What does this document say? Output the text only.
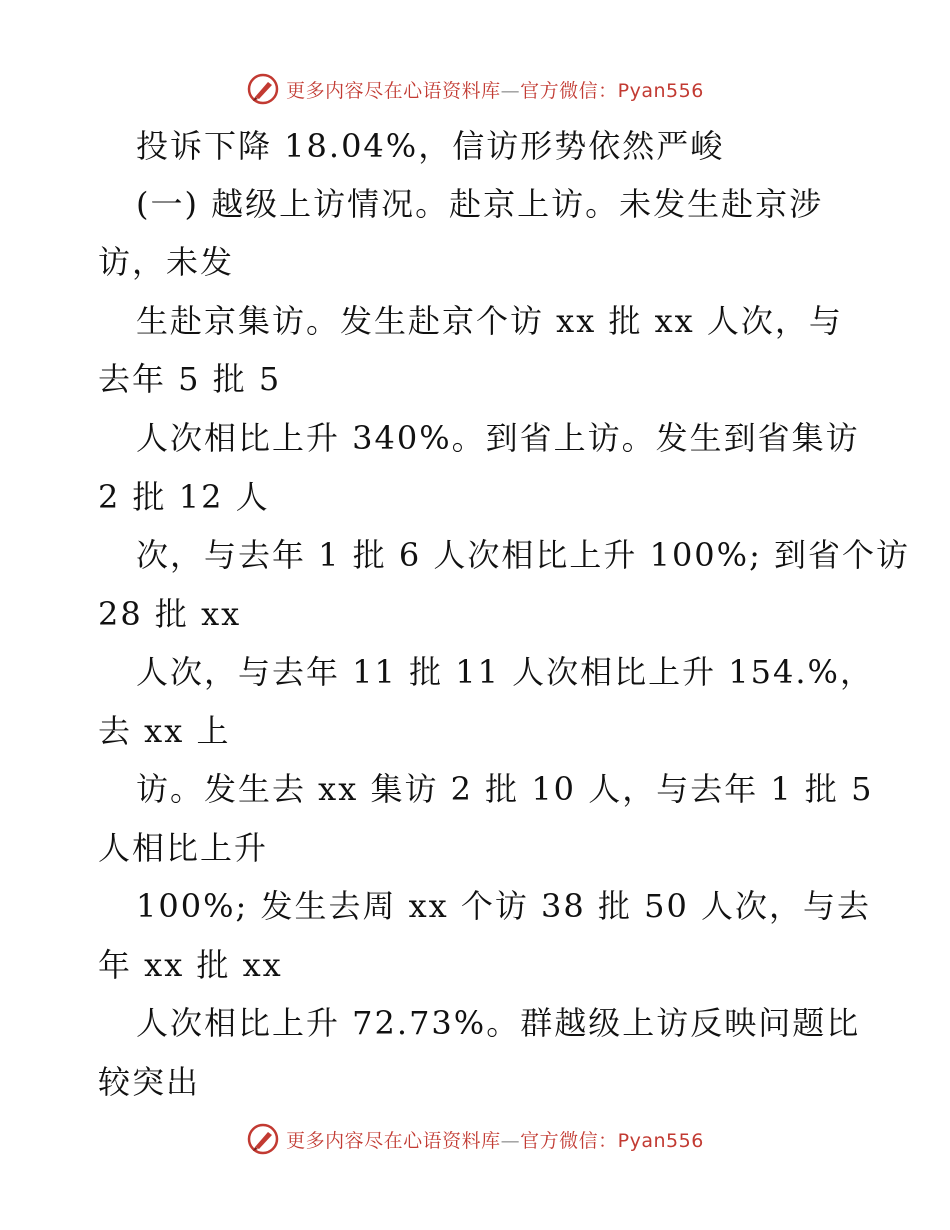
更多内容尽在心语资料库—官方微信：Pyan556
投诉下降 18.04%，信访形势依然严峻
(一) 越级上访情况。赴京上访。未发生赴京涉
访，未发
生赴京集访。发生赴京个访 xx 批 xx 人次，与
去年 5 批 5
人次相比上升 340%。到省上访。发生到省集访
2 批 12 人
次，与去年 1 批 6 人次相比上升 100%; 到省个访
28 批 xx
人次，与去年 11 批 11 人次相比上升 154.%，
去 xx 上
访。发生去 xx 集访 2 批 10 人，与去年 1 批 5
人相比上升
100%; 发生去周 xx 个访 38 批 50 人次，与去
年 xx 批 xx
人次相比上升 72.73%。群越级上访反映问题比
较突出
更多内容尽在心语资料库—官方微信：Pyan556
